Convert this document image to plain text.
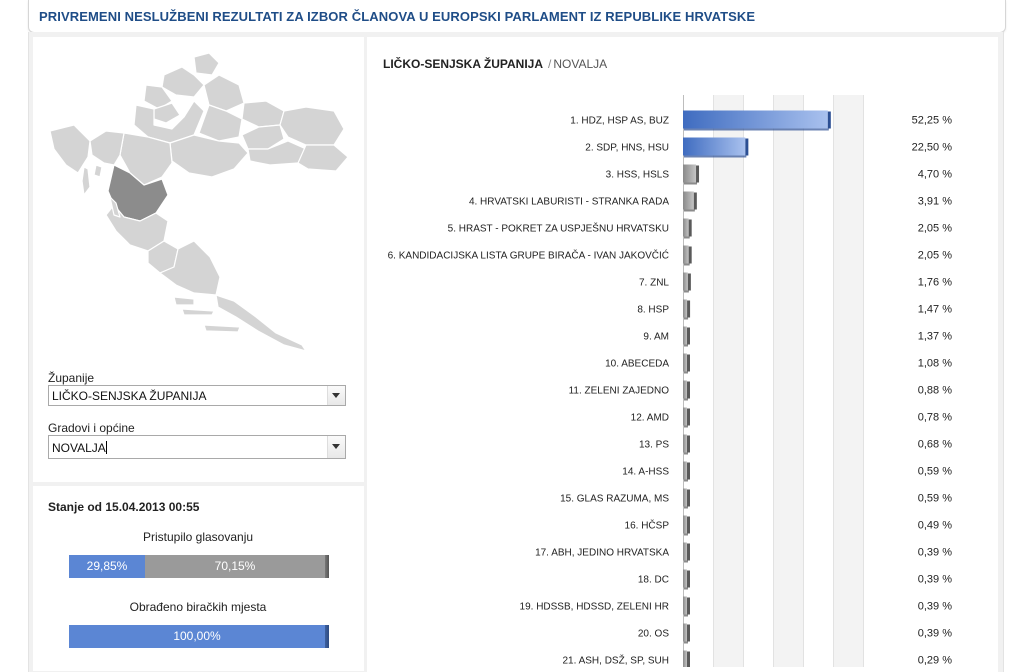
PRIVREMENI NESLUŽBENI REZULTATI ZA IZBOR ČLANOVA U EUROPSKI PARLAMENT IZ REPUBLIKE HRVATSKE
Županije
LIČKO-SENJSKA ŽUPANIJA
Gradovi i općine
NOVALJA
Stanje od 15.04.2013 00:55
Pristupilo glasovanju
29,85%	70,15%
Obrađeno biračkih mjesta
100,00%
LIČKO-SENJSKA ŽUPANIJA / NOVALJA
1. HDZ, HSP AS, BUZ	52,25 %
2. SDP, HNS, HSU	22,50 %
3. HSS, HSLS	4,70 %
4. HRVATSKI LABURISTI - STRANKA RADA	3,91 %
5. HRAST - POKRET ZA USPJEŠNU HRVATSKU	2,05 %
6. KANDIDACIJSKA LISTA GRUPE BIRAČA - IVAN JAKOVČIĆ	2,05 %
7. ZNL	1,76 %
8. HSP	1,47 %
9. AM	1,37 %
10. ABECEDA	1,08 %
11. ZELENI ZAJEDNO	0,88 %
12. AMD	0,78 %
13. PS	0,68 %
14. A-HSS	0,59 %
15. GLAS RAZUMA, MS	0,59 %
16. HČSP	0,49 %
17. ABH, JEDINO HRVATSKA	0,39 %
18. DC	0,39 %
19. HDSSB, HDSSD, ZELENI HR	0,39 %
20. OS	0,39 %
21. ASH, DSŽ, SP, SUH	0,29 %
